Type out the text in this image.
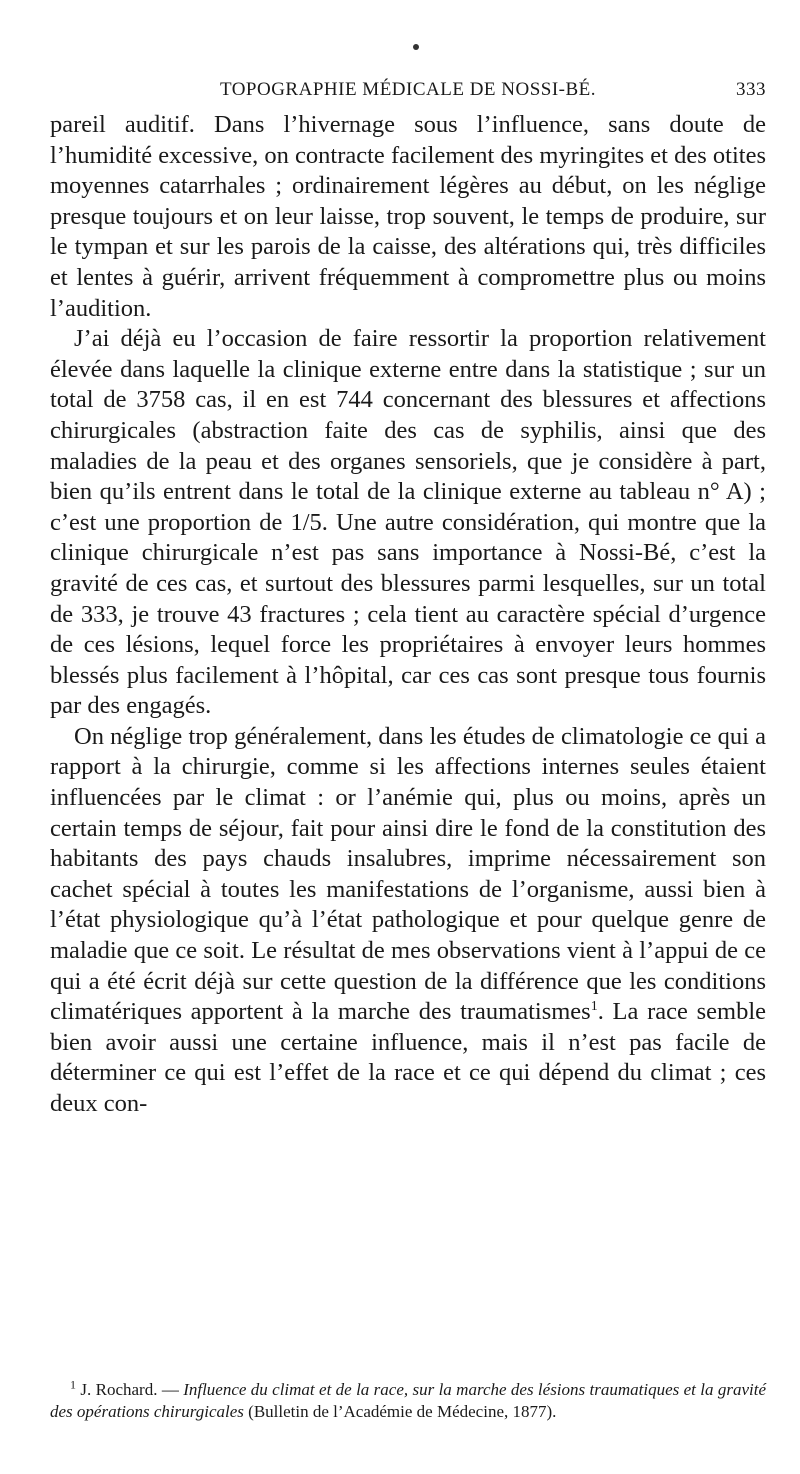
TOPOGRAPHIE MÉDICALE DE NOSSI-BÉ.	333

pareil auditif. Dans l’hivernage sous l’influence, sans doute de l’humidité excessive, on contracte facilement des myringites et des otites moyennes catarrhales ; ordinairement légères au début, on les néglige presque toujours et on leur laisse, trop souvent, le temps de produire, sur le tympan et sur les parois de la caisse, des altérations qui, très difficiles et lentes à guérir, arrivent fréquemment à compromettre plus ou moins l’audition.

J’ai déjà eu l’occasion de faire ressortir la proportion relativement élevée dans laquelle la clinique externe entre dans la statistique ; sur un total de 3758 cas, il en est 744 concernant des blessures et affections chirurgicales (abstraction faite des cas de syphilis, ainsi que des maladies de la peau et des organes sensoriels, que je considère à part, bien qu’ils entrent dans le total de la clinique externe au tableau n° A) ; c’est une proportion de 1/5. Une autre considération, qui montre que la clinique chirurgicale n’est pas sans importance à Nossi-Bé, c’est la gravité de ces cas, et surtout des blessures parmi lesquelles, sur un total de 333, je trouve 43 fractures ; cela tient au caractère spécial d’urgence de ces lésions, lequel force les propriétaires à envoyer leurs hommes blessés plus facilement à l’hôpital, car ces cas sont presque tous fournis par des engagés.

On néglige trop généralement, dans les études de climatologie ce qui a rapport à la chirurgie, comme si les affections internes seules étaient influencées par le climat : or l’anémie qui, plus ou moins, après un certain temps de séjour, fait pour ainsi dire le fond de la constitution des habitants des pays chauds insalubres, imprime nécessairement son cachet spécial à toutes les manifestations de l’organisme, aussi bien à l’état physiologique qu’à l’état pathologique et pour quelque genre de maladie que ce soit. Le résultat de mes observations vient à l’appui de ce qui a été écrit déjà sur cette question de la différence que les conditions climatériques apportent à la marche des traumatismes$^1$. La race semble bien avoir aussi une certaine influence, mais il n’est pas facile de déterminer ce qui est l’effet de la race et ce qui dépend du climat ; ces deux con-

$^1$ J. Rochard. — Influence du climat et de la race, sur la marche des lésions traumatiques et la gravité des opérations chirurgicales (Bulletin de l’Académie de Médecine, 1877).
